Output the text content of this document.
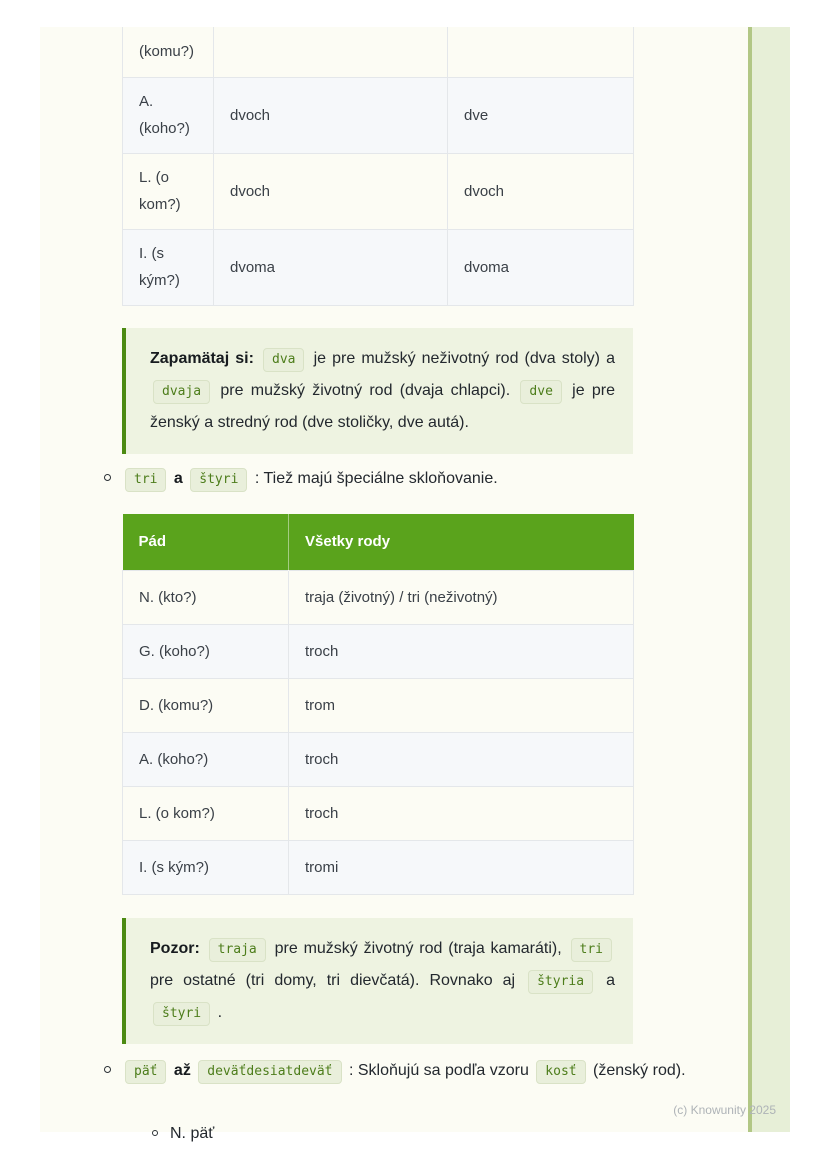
(komu?)		
A. (koho?)	dvoch	dve
L. (o kom?)	dvoch	dvoch
I. (s kým?)	dvoma	dvoma

Zapamätaj si: dva je pre mužský neživotný rod (dva stoly) a dvaja pre mužský životný rod (dvaja chlapci). dve je pre ženský a stredný rod (dve stoličky, dve autá).

tri a štyri : Tiež majú špeciálne skloňovanie.
Pád	Všetky rody
N. (kto?)	traja (životný) / tri (neživotný)
G. (koho?)	troch
D. (komu?)	trom
A. (koho?)	troch
L. (o kom?)	troch
I. (s kým?)	tromi

Pozor: traja pre mužský životný rod (traja kamaráti), tri pre ostatné (tri domy, tri dievčatá). Rovnako aj štyria a štyri .

päť až deväťdesiatdeväť : Skloňujú sa podľa vzoru kosť (ženský rod).
N. päť
(c) Knowunity 2025
